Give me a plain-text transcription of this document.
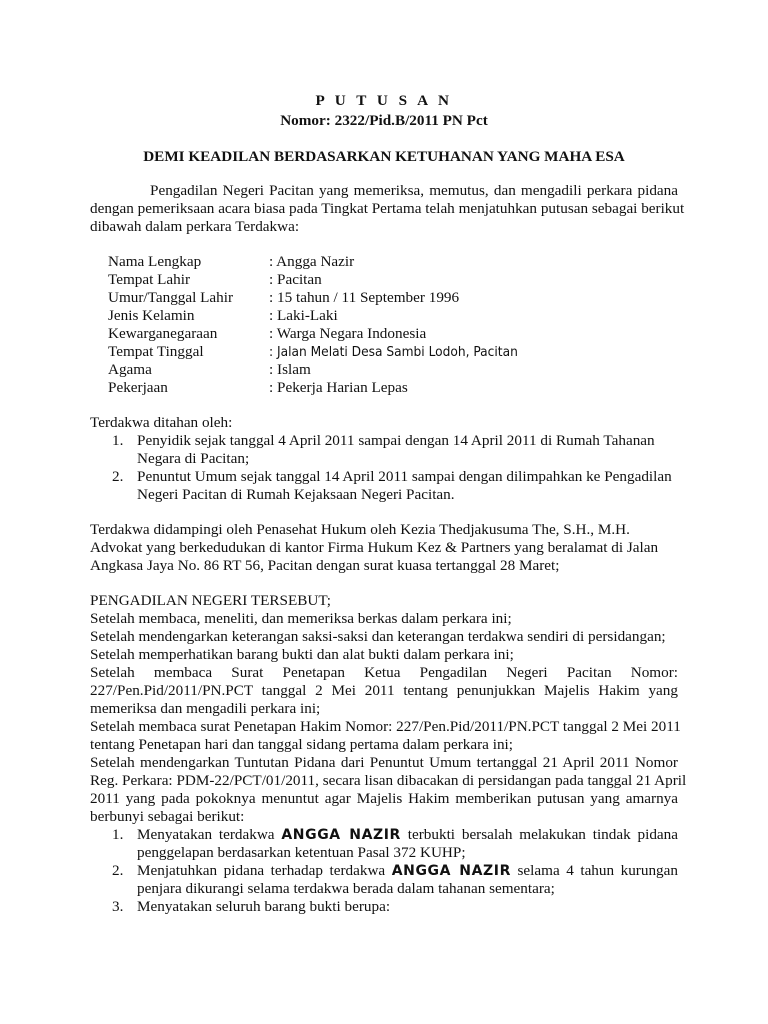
P U T U S A N
Nomor: 2322/Pid.B/2011 PN Pct
DEMI KEADILAN BERDASARKAN KETUHANAN YANG MAHA ESA
Pengadilan Negeri Pacitan yang memeriksa, memutus, dan mengadili perkara pidana
dengan pemeriksaan acara biasa pada Tingkat Pertama telah menjatuhkan putusan sebagai berikut
dibawah dalam perkara Terdakwa:
Nama Lengkap	: Angga Nazir
Tempat Lahir	: Pacitan
Umur/Tanggal Lahir : 15 tahun / 11 September 1996
Jenis Kelamin	: Laki-Laki
Kewarganegaraan	: Warga Negara Indonesia
Tempat Tinggal	: Jalan Melati Desa Sambi Lodoh, Pacitan
Agama	: Islam
Pekerjaan	: Pekerja Harian Lepas
Terdakwa ditahan oleh:
1. Penyidik sejak tanggal 4 April 2011 sampai dengan 14 April 2011 di Rumah Tahanan
Negara di Pacitan;
2. Penuntut Umum sejak tanggal 14 April 2011 sampai dengan dilimpahkan ke Pengadilan
Negeri Pacitan di Rumah Kejaksaan Negeri Pacitan.
Terdakwa didampingi oleh Penasehat Hukum oleh Kezia Thedjakusuma The, S.H., M.H.
Advokat yang berkedudukan di kantor Firma Hukum Kez & Partners yang beralamat di Jalan
Angkasa Jaya No. 86 RT 56, Pacitan dengan surat kuasa tertanggal 28 Maret;
PENGADILAN NEGERI TERSEBUT;
Setelah membaca, meneliti, dan memeriksa berkas dalam perkara ini;
Setelah mendengarkan keterangan saksi-saksi dan keterangan terdakwa sendiri di persidangan;
Setelah memperhatikan barang bukti dan alat bukti dalam perkara ini;
Setelah membaca Surat Penetapan Ketua Pengadilan Negeri Pacitan Nomor:
227/Pen.Pid/2011/PN.PCT tanggal 2 Mei 2011 tentang penunjukkan Majelis Hakim yang
memeriksa dan mengadili perkara ini;
Setelah membaca surat Penetapan Hakim Nomor: 227/Pen.Pid/2011/PN.PCT tanggal 2 Mei 2011
tentang Penetapan hari dan tanggal sidang pertama dalam perkara ini;
Setelah mendengarkan Tuntutan Pidana dari Penuntut Umum tertanggal 21 April 2011 Nomor
Reg. Perkara: PDM-22/PCT/01/2011, secara lisan dibacakan di persidangan pada tanggal 21 April
2011 yang pada pokoknya menuntut agar Majelis Hakim memberikan putusan yang amarnya
berbunyi sebagai berikut:
1. Menyatakan terdakwa ANGGA NAZIR terbukti bersalah melakukan tindak pidana
penggelapan berdasarkan ketentuan Pasal 372 KUHP;
2. Menjatuhkan pidana terhadap terdakwa ANGGA NAZIR selama 4 tahun kurungan
penjara dikurangi selama terdakwa berada dalam tahanan sementara;
3. Menyatakan seluruh barang bukti berupa:
